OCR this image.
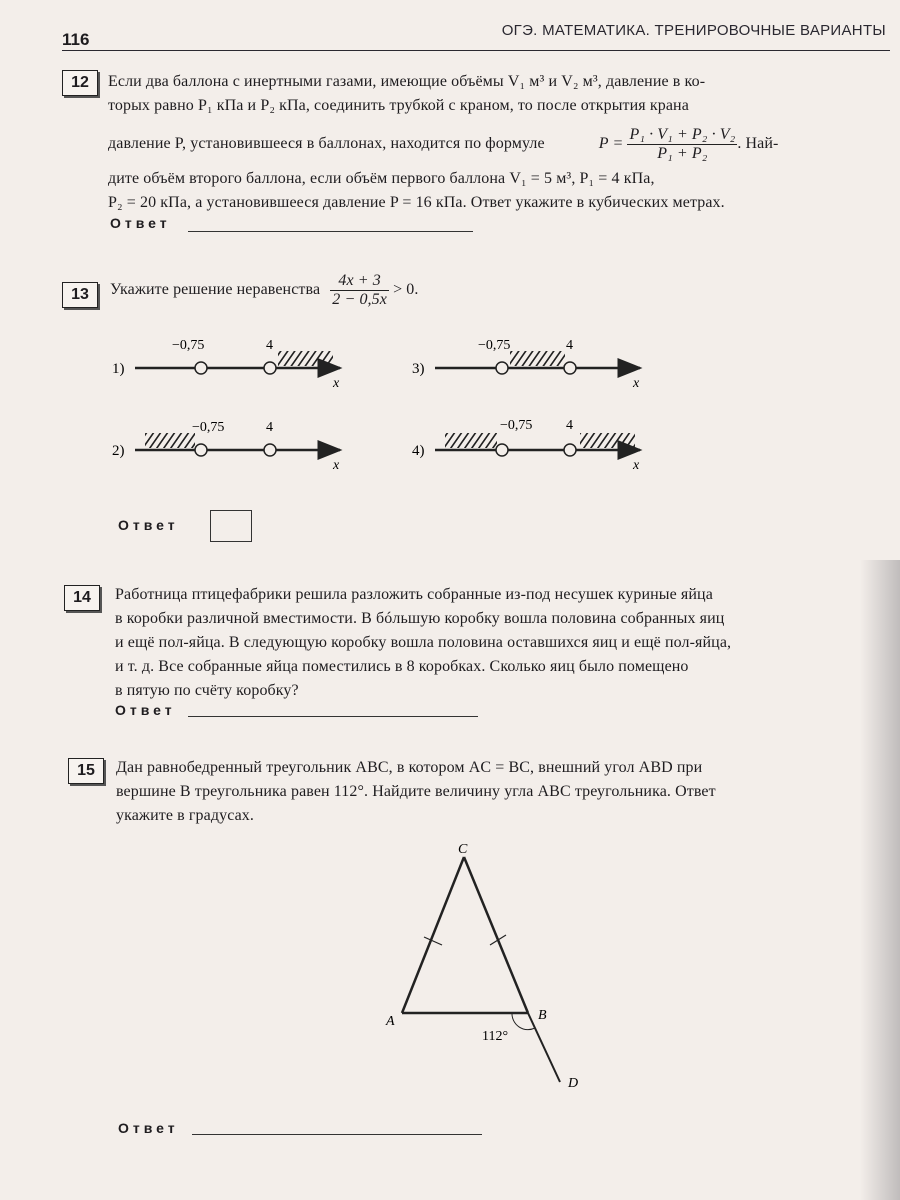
116	ОГЭ. МАТЕМАТИКА. ТРЕНИРОВОЧНЫЕ ВАРИАНТЫ
12	Если два баллона с инертными газами, имеющие объёмы V₁ м³ и V₂ м³, давление в ко-
торых равно P₁ кПа и P₂ кПа, соединить трубкой с краном, то после открытия крана
давление P, установившееся в баллонах, находится по формуле	$P = \frac{\text{P₁ · V₁ + P₂ · V₂}}{\text{P₁ + P₂}}$ . Най-
дите объём второго баллона, если объём первого баллона V₁ = 5 м³, P₁ = 4 кПа,
P₂ = 20 кПа, а установившееся давление P = 16 кПа. Ответ укажите в кубических метрах.
Ответ
13	Укажите решение неравенства $\frac{4x + 3}{2 - 0,5x} > 0$.
1)
−0,75	4
x
2)
−0,75	4
x
3)
−0,75	4
x
4)
−0,75 4
x
Ответ
14	Работница птицефабрики решила разложить собранные из-под несушек куриные яйца
в коробки различной вместимости. В бóльшую коробку вошла половина собранных яиц
и ещё пол-яйца. В следующую коробку вошла половина оставшихся яиц и ещё пол-яйца,
и т. д. Все собранные яйца поместились в 8 коробках. Сколько яиц было помещено
в пятую по счёту коробку?
Ответ
15	Дан равнобедренный треугольник ABC, в котором AC = BC, внешний угол ABD при
вершине B треугольника равен 112°. Найдите величину угла ABC треугольника. Ответ
укажите в градусах.
C
A	B
D
112°
Ответ
